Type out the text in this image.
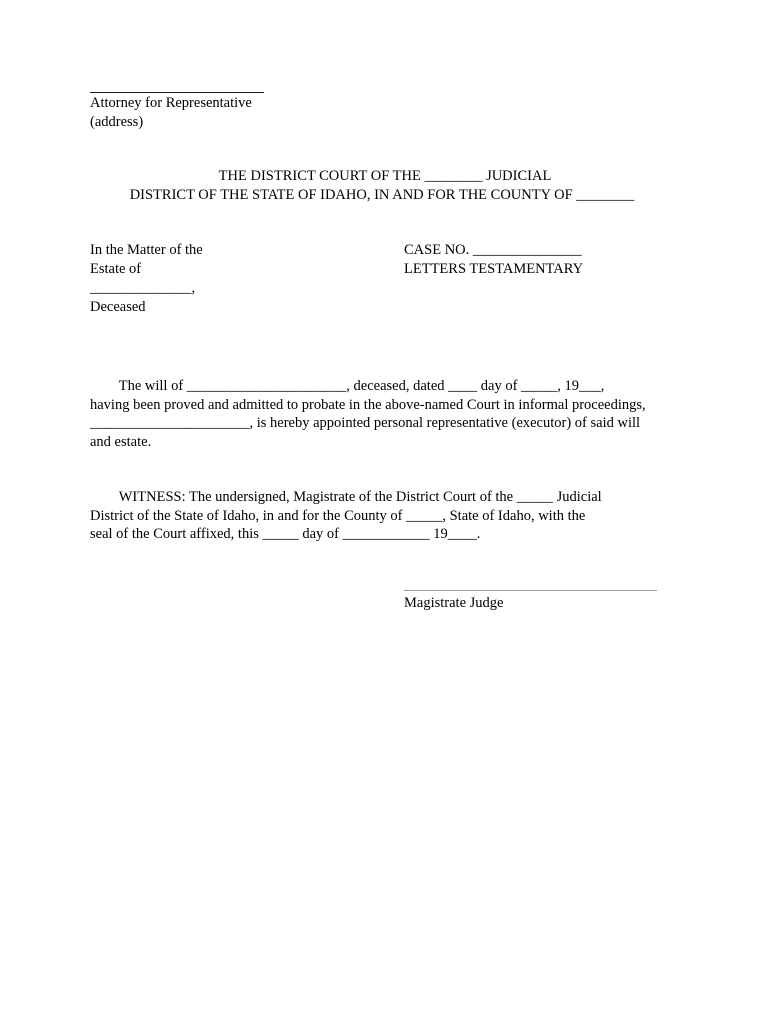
Attorney for Representative
(address)
THE DISTRICT COURT OF THE ________ JUDICIAL
DISTRICT OF THE STATE OF IDAHO, IN AND FOR THE COUNTY OF ________
In the Matter of the
Estate of
______________,
Deceased
CASE NO. _______________
LETTERS TESTAMENTARY
The will of ______________________, deceased, dated ____ day of _____, 19___,
having been proved and admitted to probate in the above-named Court in informal proceedings,
______________________, is hereby appointed personal representative (executor) of said will
and estate.
WITNESS: The undersigned, Magistrate of the District Court of the _____ Judicial
District of the State of Idaho, in and for the County of _____, State of Idaho, with the
seal of the Court affixed, this _____ day of ____________ 19____.
Magistrate Judge
